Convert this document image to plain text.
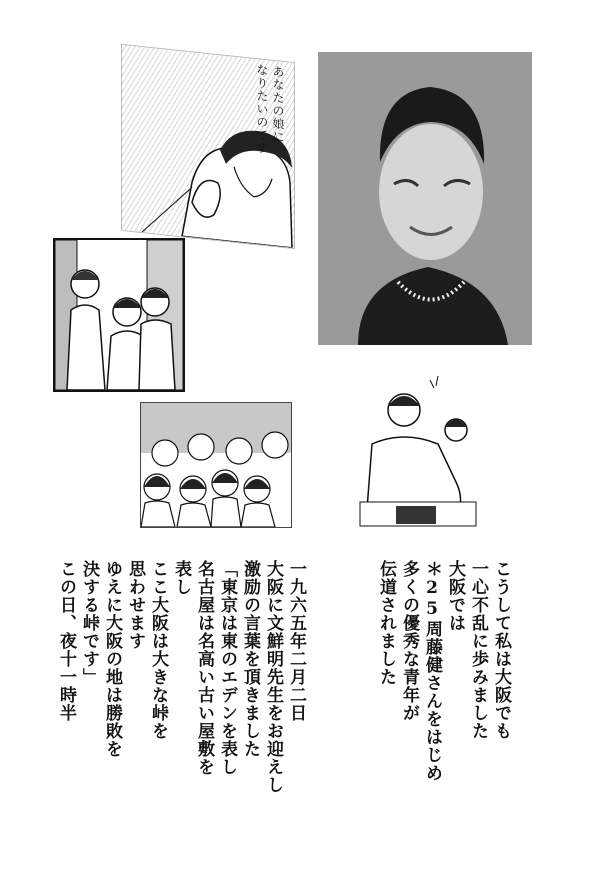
あなたの娘に
なりたいのです
こうして私は大阪でも
一心不乱に歩みました
大阪では
＊25周藤健さんをはじめ
多くの優秀な青年が
伝道されました
一九六五年二月二日
大阪に文鮮明先生をお迎えし
激励の言葉を頂きました
「東京は東のエデンを表し
名古屋は名高い古い屋敷を
表し
ここ大阪は大きな峠を
思わせます
ゆえに大阪の地は勝敗を
決する峠です」
この日、夜十一時半
